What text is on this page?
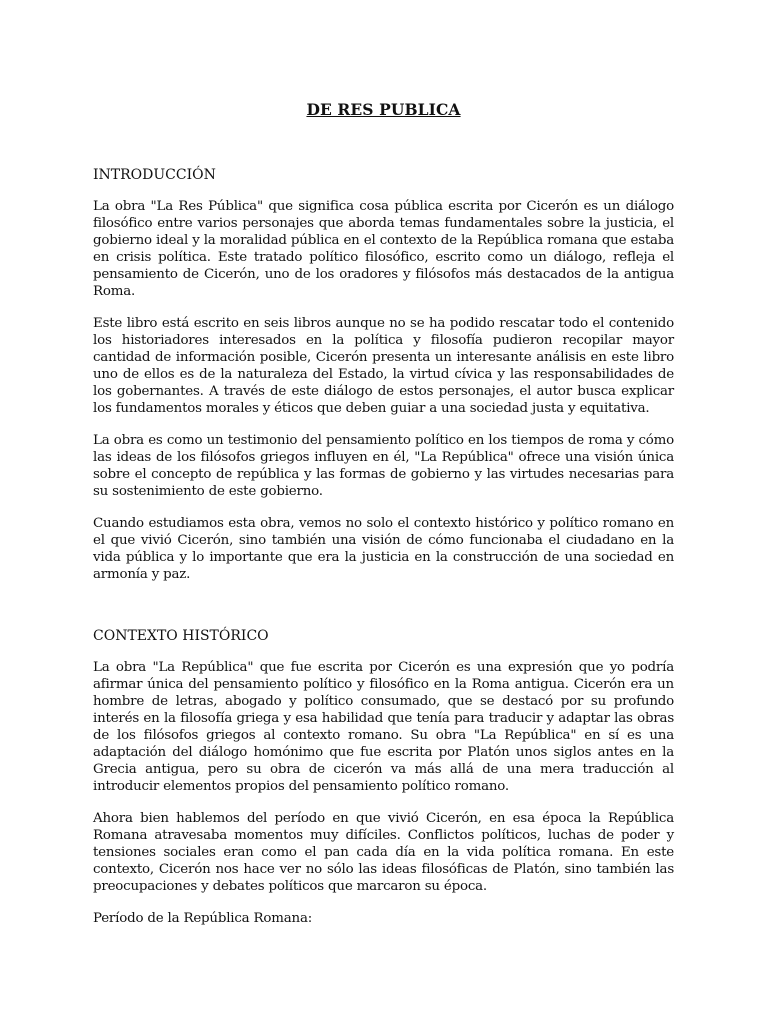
DE RES PUBLICA
INTRODUCCIÓN

La obra "La Res Pública" que significa cosa pública escrita por Cicerón es un diálogo filosófico entre varios personajes que aborda temas fundamentales sobre la justicia, el gobierno ideal y la moralidad pública en el contexto de la República romana que estaba en crisis política. Este tratado político filosófico, escrito como un diálogo, refleja el pensamiento de Cicerón, uno de los oradores y filósofos más destacados de la antigua Roma.

Este libro está escrito en seis libros aunque no se ha podido rescatar todo el contenido los historiadores interesados en la política y filosofía pudieron recopilar mayor cantidad de información posible, Cicerón presenta un interesante análisis en este libro uno de ellos es de la naturaleza del Estado, la virtud cívica y las responsabilidades de los gobernantes. A través de este diálogo de estos personajes, el autor busca explicar los fundamentos morales y éticos que deben guiar a una sociedad justa y equitativa.

La obra es como un testimonio del pensamiento político en los tiempos de roma y cómo las ideas de los filósofos griegos influyen en él, "La República" ofrece una visión única sobre el concepto de república y las formas de gobierno y las virtudes necesarias para su sostenimiento de este gobierno.

Cuando estudiamos esta obra, vemos no solo el contexto histórico y político romano en el que vivió Cicerón, sino también una visión de cómo funcionaba el ciudadano en la vida pública y lo importante que era la justicia en la construcción de una sociedad en armonía y paz.

CONTEXTO HISTÓRICO

La obra "La República" que fue escrita por Cicerón es una expresión que yo podría afirmar única del pensamiento político y filosófico en la Roma antigua. Cicerón era un hombre de letras, abogado y político consumado, que se destacó por su profundo interés en la filosofía griega y esa habilidad que tenía para traducir y adaptar las obras de los filósofos griegos al contexto romano. Su obra "La República" en sí es una adaptación del diálogo homónimo que fue escrita por Platón unos siglos antes en la Grecia antigua, pero su obra de cicerón va más allá de una mera traducción al introducir elementos propios del pensamiento político romano.

Ahora bien hablemos del período en que vivió Cicerón, en esa época la República Romana atravesaba momentos muy difíciles. Conflictos políticos, luchas de poder y tensiones sociales eran como el pan cada día en la vida política romana. En este contexto, Cicerón nos hace ver no sólo las ideas filosóficas de Platón, sino también las preocupaciones y debates políticos que marcaron su época.

Período de la República Romana:
